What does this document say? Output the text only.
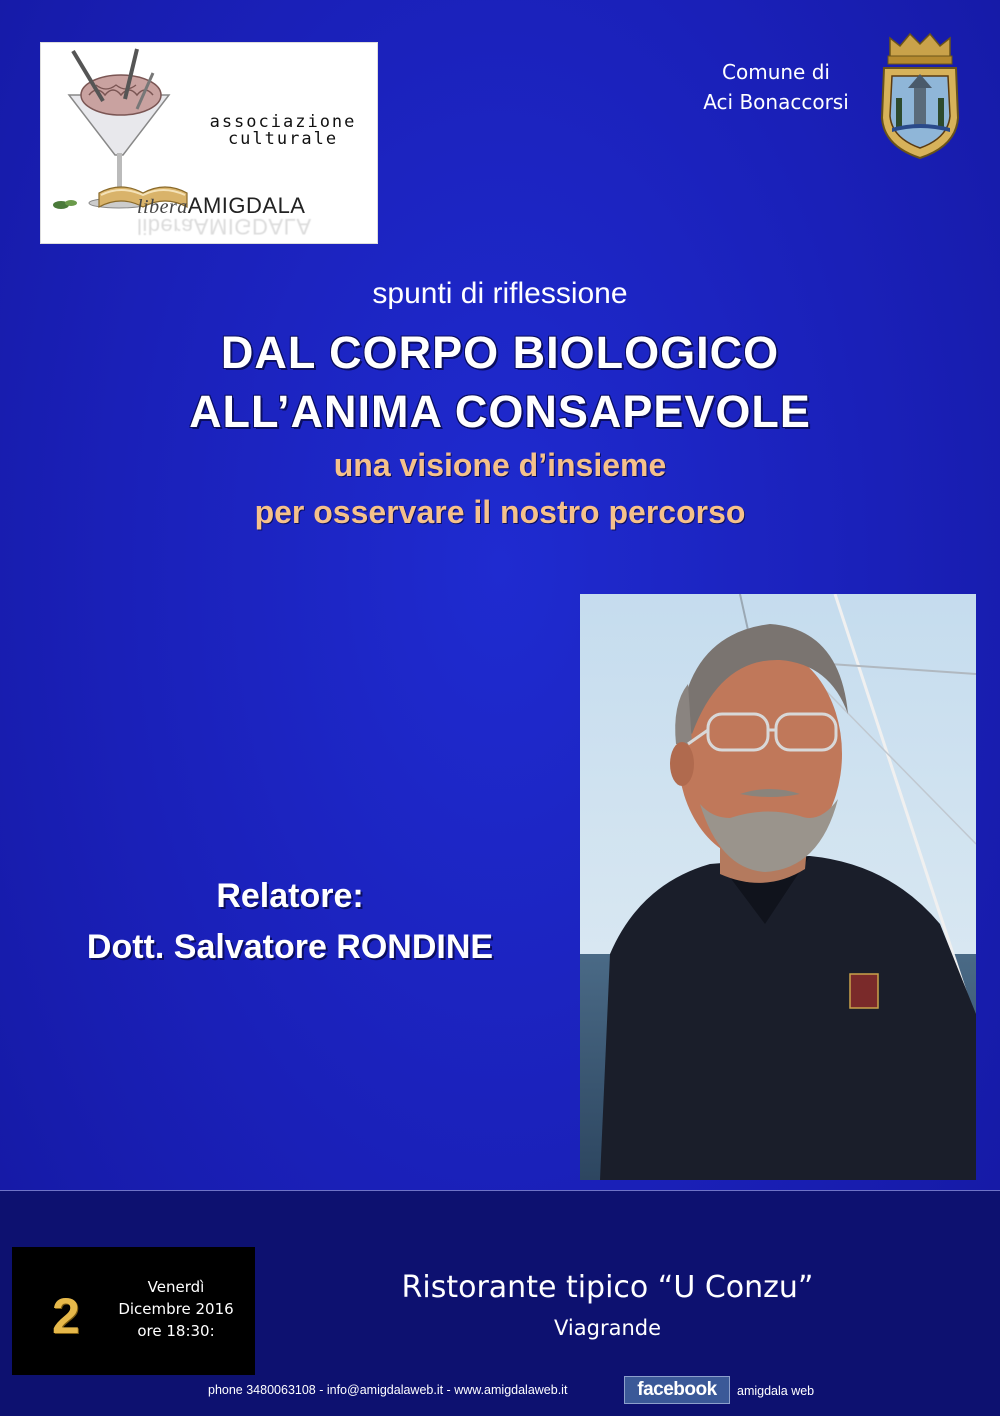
associazione
culturale
liberaAMIGDALA
liberaAMIGDALA
Comune di
Aci Bonaccorsi
spunti di riflessione
DAL CORPO BIOLOGICO
ALL’ANIMA CONSAPEVOLE
una visione d’insieme
per osservare il nostro percorso
Relatore:
Dott. Salvatore RONDINE
2
Venerdì
Dicembre 2016
ore 18:30:
Ristorante tipico “U Conzu”
Viagrande
phone 3480063108 - info@amigdalaweb.it - www.amigdalaweb.it	facebook	amigdala web
